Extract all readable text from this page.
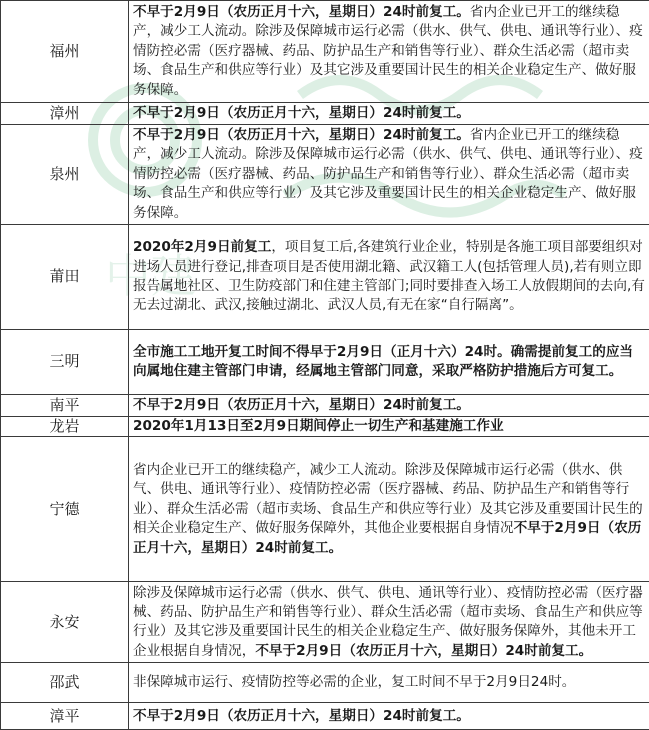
中建
福州	不早于2月9日（农历正月十六，星期日）24时前复工。省内企业已开工的继续稳产，减少工人流动。除涉及保障城市运行必需（供水、供气、供电、通讯等行业）、疫情防控必需（医疗器械、药品、防护品生产和销售等行业）、群众生活必需（超市卖场、食品生产和供应等行业）及其它涉及重要国计民生的相关企业稳定生产、做好服务保障。
漳州	不早于2月9日（农历正月十六，星期日）24时前复工。
泉州	不早于2月9日（农历正月十六，星期日）24时前复工。省内企业已开工的继续稳产，减少工人流动。除涉及保障城市运行必需（供水、供气、供电、通讯等行业）、疫情防控必需（医疗器械、药品、防护品生产和销售等行业）、群众生活必需（超市卖场、食品生产和供应等行业）及其它涉及重要国计民生的相关企业稳定生产、做好服务保障。
莆田	2020年2月9日前复工，项目复工后,各建筑行业企业，特别是各施工项目部要组织对进场人员进行登记,排查项目是否使用湖北籍、武汉籍工人(包括管理人员),若有则立即报告属地社区、卫生防疫部门和住建主管部门;同时要排查入场工人放假期间的去向,有无去过湖北、武汉,接触过湖北、武汉人员,有无在家“自行隔离”。
三明	全市施工工地开复工时间不得早于2月9日（正月十六）24时。确需提前复工的应当向属地住建主管部门申请，经属地主管部门同意，采取严格防护措施后方可复工。
南平	不早于2月9日（农历正月十六，星期日）24时前复工。
龙岩	2020年1月13日至2月9日期间停止一切生产和基建施工作业
宁德	省内企业已开工的继续稳产，减少工人流动。除涉及保障城市运行必需（供水、供气、供电、通讯等行业）、疫情防控必需（医疗器械、药品、防护品生产和销售等行业）、群众生活必需（超市卖场、食品生产和供应等行业）及其它涉及重要国计民生的相关企业稳定生产、做好服务保障外，其他企业要根据自身情况不早于2月9日（农历正月十六，星期日）24时前复工。
永安	除涉及保障城市运行必需（供水、供气、供电、通讯等行业）、疫情防控必需（医疗器械、药品、防护品生产和销售等行业）、群众生活必需（超市卖场、食品生产和供应等行业）及其它涉及重要国计民生的相关企业稳定生产、做好服务保障外，其他未开工企业根据自身情况，不早于2月9日（农历正月十六，星期日）24时前复工。
邵武	非保障城市运行、疫情防控等必需的企业，复工时间不早于2月9日24时。
漳平	不早于2月9日（农历正月十六，星期日）24时前复工。
